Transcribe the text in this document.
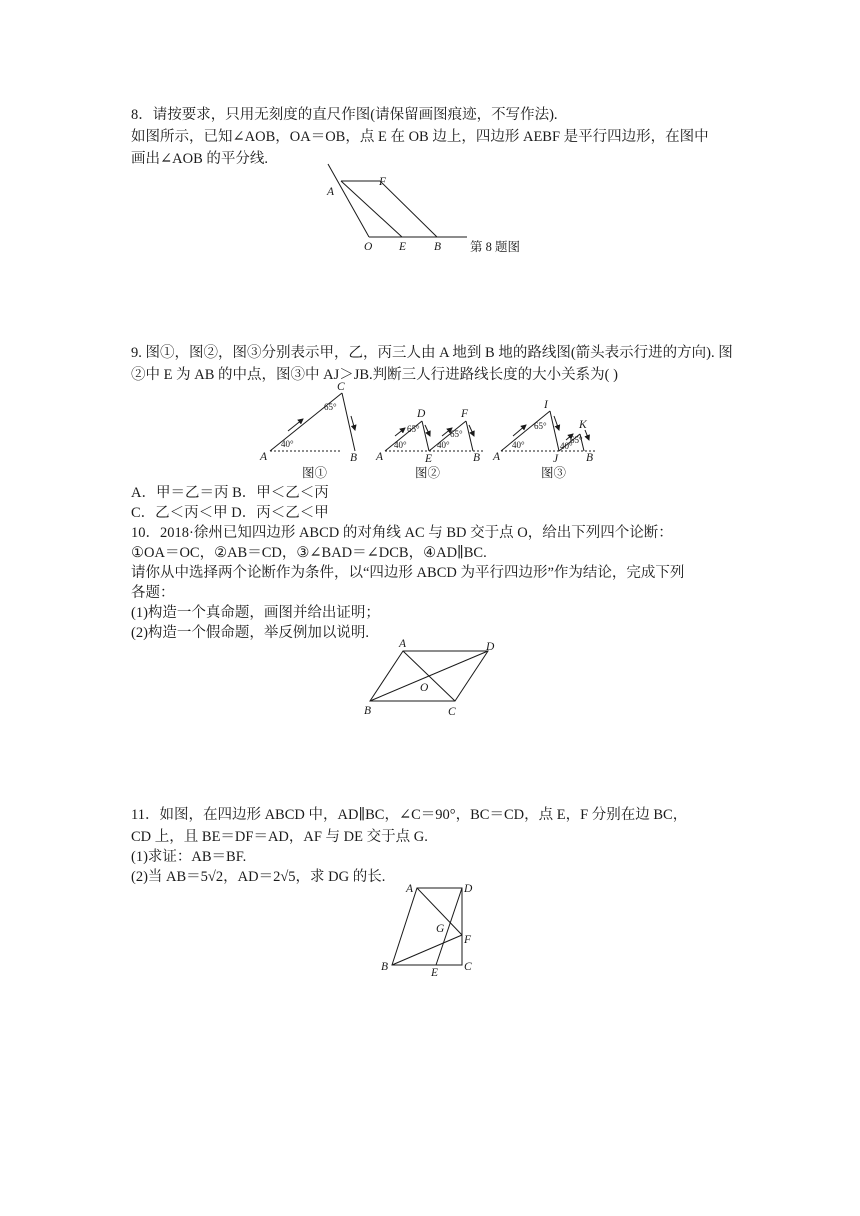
8．请按要求，只用无刻度的直尺作图(请保留画图痕迹，不写作法).
如图所示，已知∠AOB，OA＝OB，点 E 在 OB 边上，四边形 AEBF 是平行四边形，在图中
画出∠AOB 的平分线.
A
F
O E B 第 8 题图
9. 图①，图②，图③分别表示甲，乙，丙三人由 A 地到 B 地的路线图(箭头表示行进的方向). 图
②中 E 为 AB 的中点，图③中 AJ＞JB.判断三人行进路线长度的大小关系为( )
A	B
C
40°
65°
图①
A
D
E
F
B
40°
65°	65°
40°
图②
A
I
J
K
B
40°
65°
65°
40°
图③
A．甲＝乙＝丙 B．甲＜乙＜丙
C．乙＜丙＜甲 D．丙＜乙＜甲
10．2018·徐州已知四边形 ABCD 的对角线 AC 与 BD 交于点 O，给出下列四个论断：
①OA＝OC，②AB＝CD，③∠BAD＝∠DCB，④AD∥BC.
请你从中选择两个论断作为条件，以“四边形 ABCD 为平行四边形”作为结论，完成下列
各题：
(1)构造一个真命题，画图并给出证明；
(2)构造一个假命题，举反例加以说明.
A	D
O
B	C
11．如图，在四边形 ABCD 中，AD∥BC，∠C＝90°，BC＝CD，点 E，F 分别在边 BC，
CD 上，且 BE＝DF＝AD，AF 与 DE 交于点 G.
(1)求证：AB＝BF.
(2)当 AB＝5√2，AD＝2√5，求 DG 的长.
A	D
G
F
B	E C
